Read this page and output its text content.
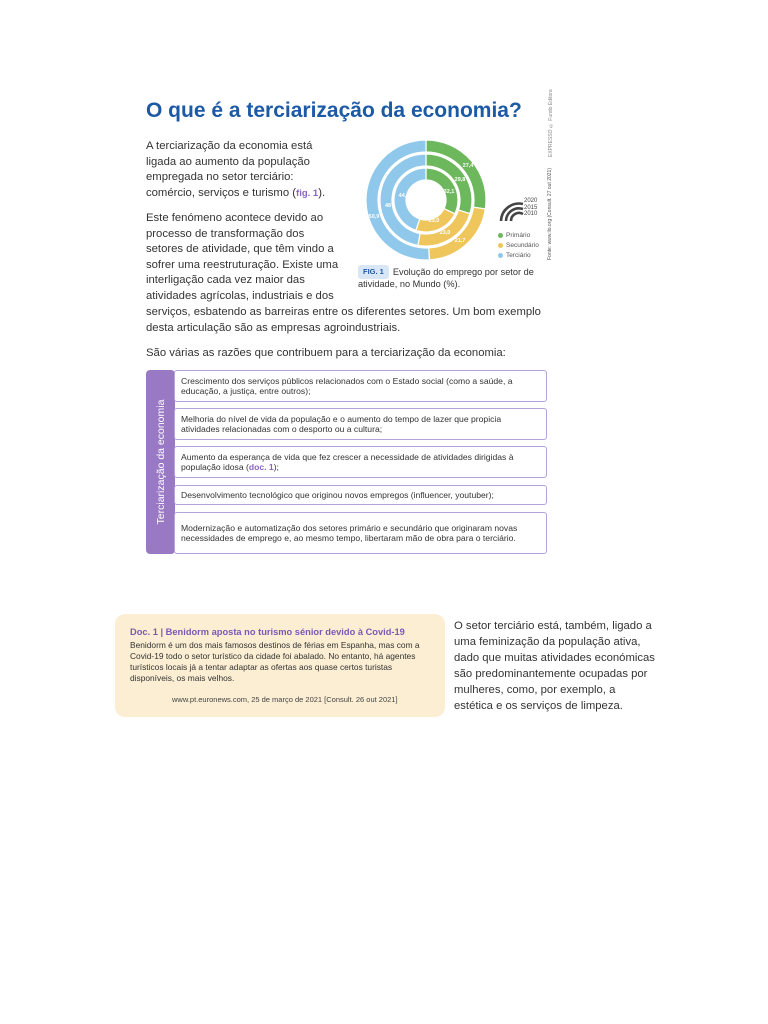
O que é a terciarização da economia?	EXPRESSO © Fundo Editora

A terciarização da economia está ligada ao aumento da população empregada no setor terciário: comércio, serviços e turismo (fig. 1).

Este fenómeno acontece devido ao processo de transformação dos setores de atividade, que têm vindo a sofrer uma reestruturação. Existe uma interligação cada vez maior das atividades agrícolas, industriais e dos

serviços, esbatendo as barreiras entre os diferentes setores. Um bom exemplo desta articulação são as empresas agroindustriais.

São várias as razões que contribuem para a terciarização da economia:

27,4
29,8
32,1
23,0
23,0
21,7
44,9
48
50,9
2020
2015
2010
Primário
Secundário
Terciário	Fonte: www.ilo.org (Consult. 27 out 2021)
FIG. 1 Evolução do emprego por setor de atividade, no Mundo (%).
Terciarização da economia
Crescimento dos serviços públicos relacionados com o Estado social (como a saúde, a educação, a justiça, entre outros);
Melhoria do nível de vida da população e o aumento do tempo de lazer que propicia atividades relacionadas com o desporto ou a cultura;
Aumento da esperança de vida que fez crescer a necessidade de atividades dirigidas à população idosa (doc. 1);
Desenvolvimento tecnológico que originou novos empregos (influencer, youtuber);
Modernização e automatização dos setores primário e secundário que originaram novas necessidades de emprego e, ao mesmo tempo, libertaram mão de obra para o terciário.
Doc. 1 | Benidorm aposta no turismo sénior devido à Covid-19

Benidorm é um dos mais famosos destinos de férias em Espanha, mas com a Covid-19 todo o setor turístico da cidade foi abalado. No entanto, há agentes turísticos locais já a tentar adaptar as ofertas aos quase certos turistas disponíveis, os mais velhos.

www.pt.euronews.com, 25 de março de 2021 [Consult. 26 out 2021]

O setor terciário está, também, ligado a uma feminização da população ativa, dado que muitas atividades económicas são predominantemente ocupadas por mulheres, como, por exemplo, a estética e os serviços de limpeza.
